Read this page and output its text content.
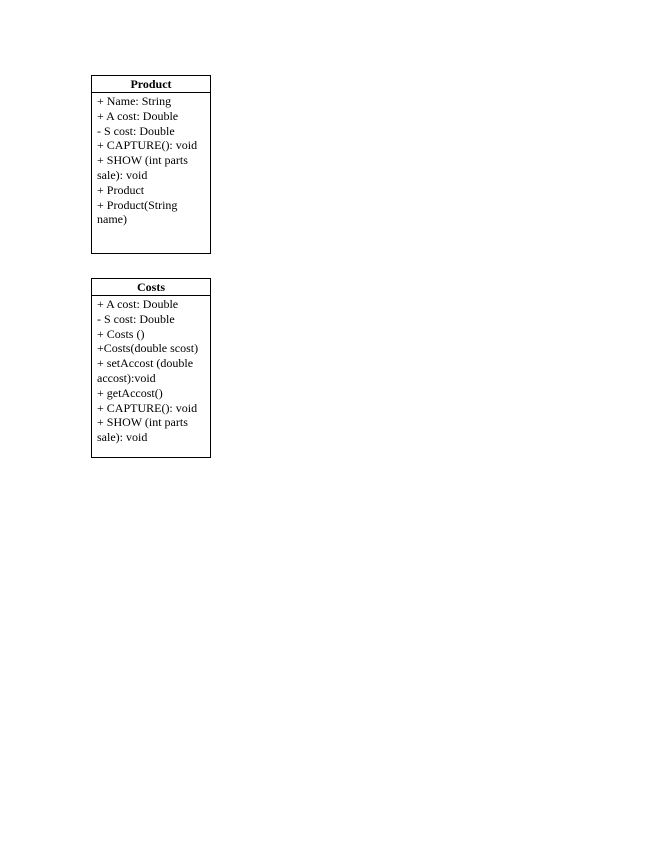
Product
+ Name: String
+ A cost: Double
- S cost: Double
+ CAPTURE(): void
+ SHOW (int parts sale): void
+ Product
+ Product(String name)
Costs
+ A cost: Double
- S cost: Double
+ Costs ()
+Costs(double scost)
+ setAccost (double accost):void
+ getAccost()
+ CAPTURE(): void
+ SHOW (int parts sale): void
